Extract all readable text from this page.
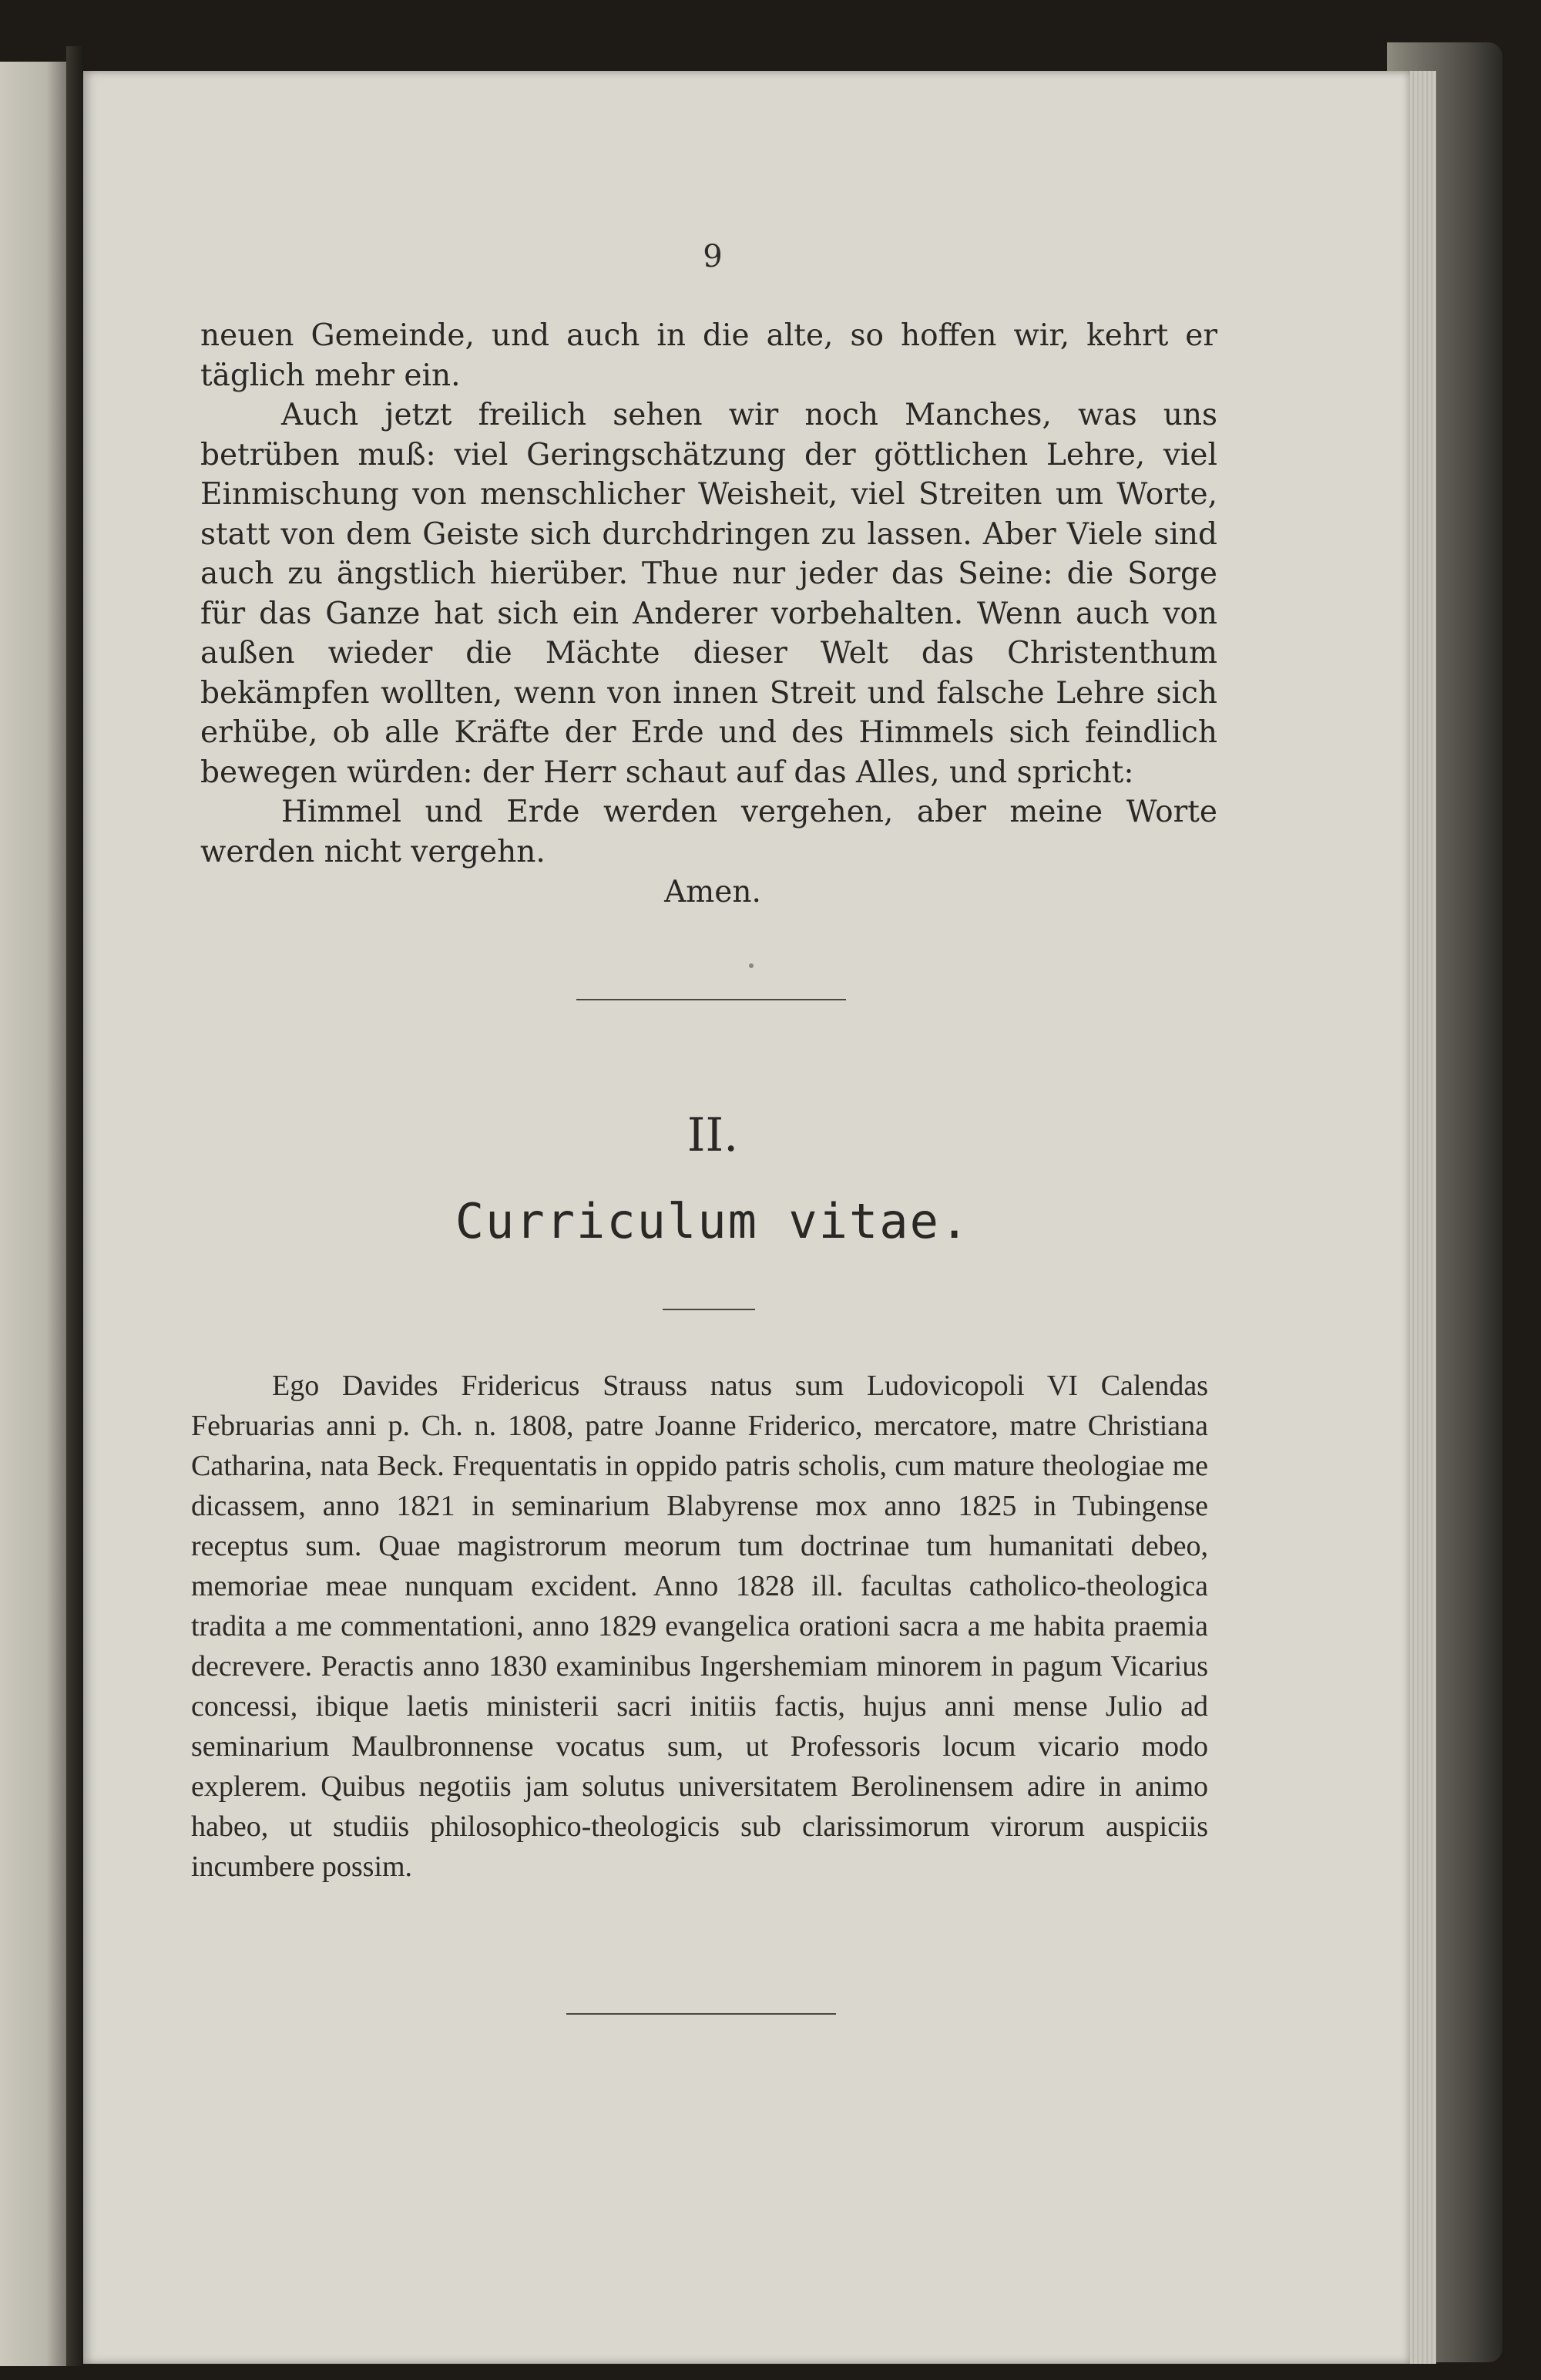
9

neuen Gemeinde, und auch in die alte, so hoffen wir, kehrt er täglich mehr ein.

Auch jetzt freilich sehen wir noch Manches, was uns betrüben muß: viel Geringschätzung der göttlichen Lehre, viel Einmischung von menschlicher Weisheit, viel Streiten um Worte, statt von dem Geiste sich durchdringen zu lassen. Aber Viele sind auch zu ängstlich hierüber. Thue nur jeder das Seine: die Sorge für das Ganze hat sich ein Anderer vorbehalten. Wenn auch von außen wieder die Mächte dieser Welt das Christenthum bekämpfen wollten, wenn von innen Streit und falsche Lehre sich erhübe, ob alle Kräfte der Erde und des Himmels sich feindlich bewegen würden: der Herr schaut auf das Alles, und spricht:

Himmel und Erde werden vergehen, aber meine Worte werden nicht vergehn.

Amen.
II.
Curriculum vitae.

Ego Davides Fridericus Strauss natus sum Ludovicopoli VI Calendas Februarias anni p. Ch. n. 1808, patre Joanne Friderico, mercatore, matre Christiana Catharina, nata Beck. Frequentatis in oppido patris scholis, cum mature theologiae me dicassem, anno 1821 in seminarium Blabyrense mox anno 1825 in Tubingense receptus sum. Quae magistrorum meorum tum doctrinae tum humanitati debeo, memoriae meae nunquam excident. Anno 1828 ill. facultas catholico-theologica tradita a me commentationi, anno 1829 evangelica orationi sacra a me habita praemia decrevere. Peractis anno 1830 examinibus Ingershemiam minorem in pagum Vicarius concessi, ibique laetis ministerii sacri initiis factis, hujus anni mense Julio ad seminarium Maulbronnense vocatus sum, ut Professoris locum vicario modo explerem. Quibus negotiis jam solutus universitatem Berolinensem adire in animo habeo, ut studiis philosophico-theologicis sub clarissimorum virorum auspiciis incumbere possim.
